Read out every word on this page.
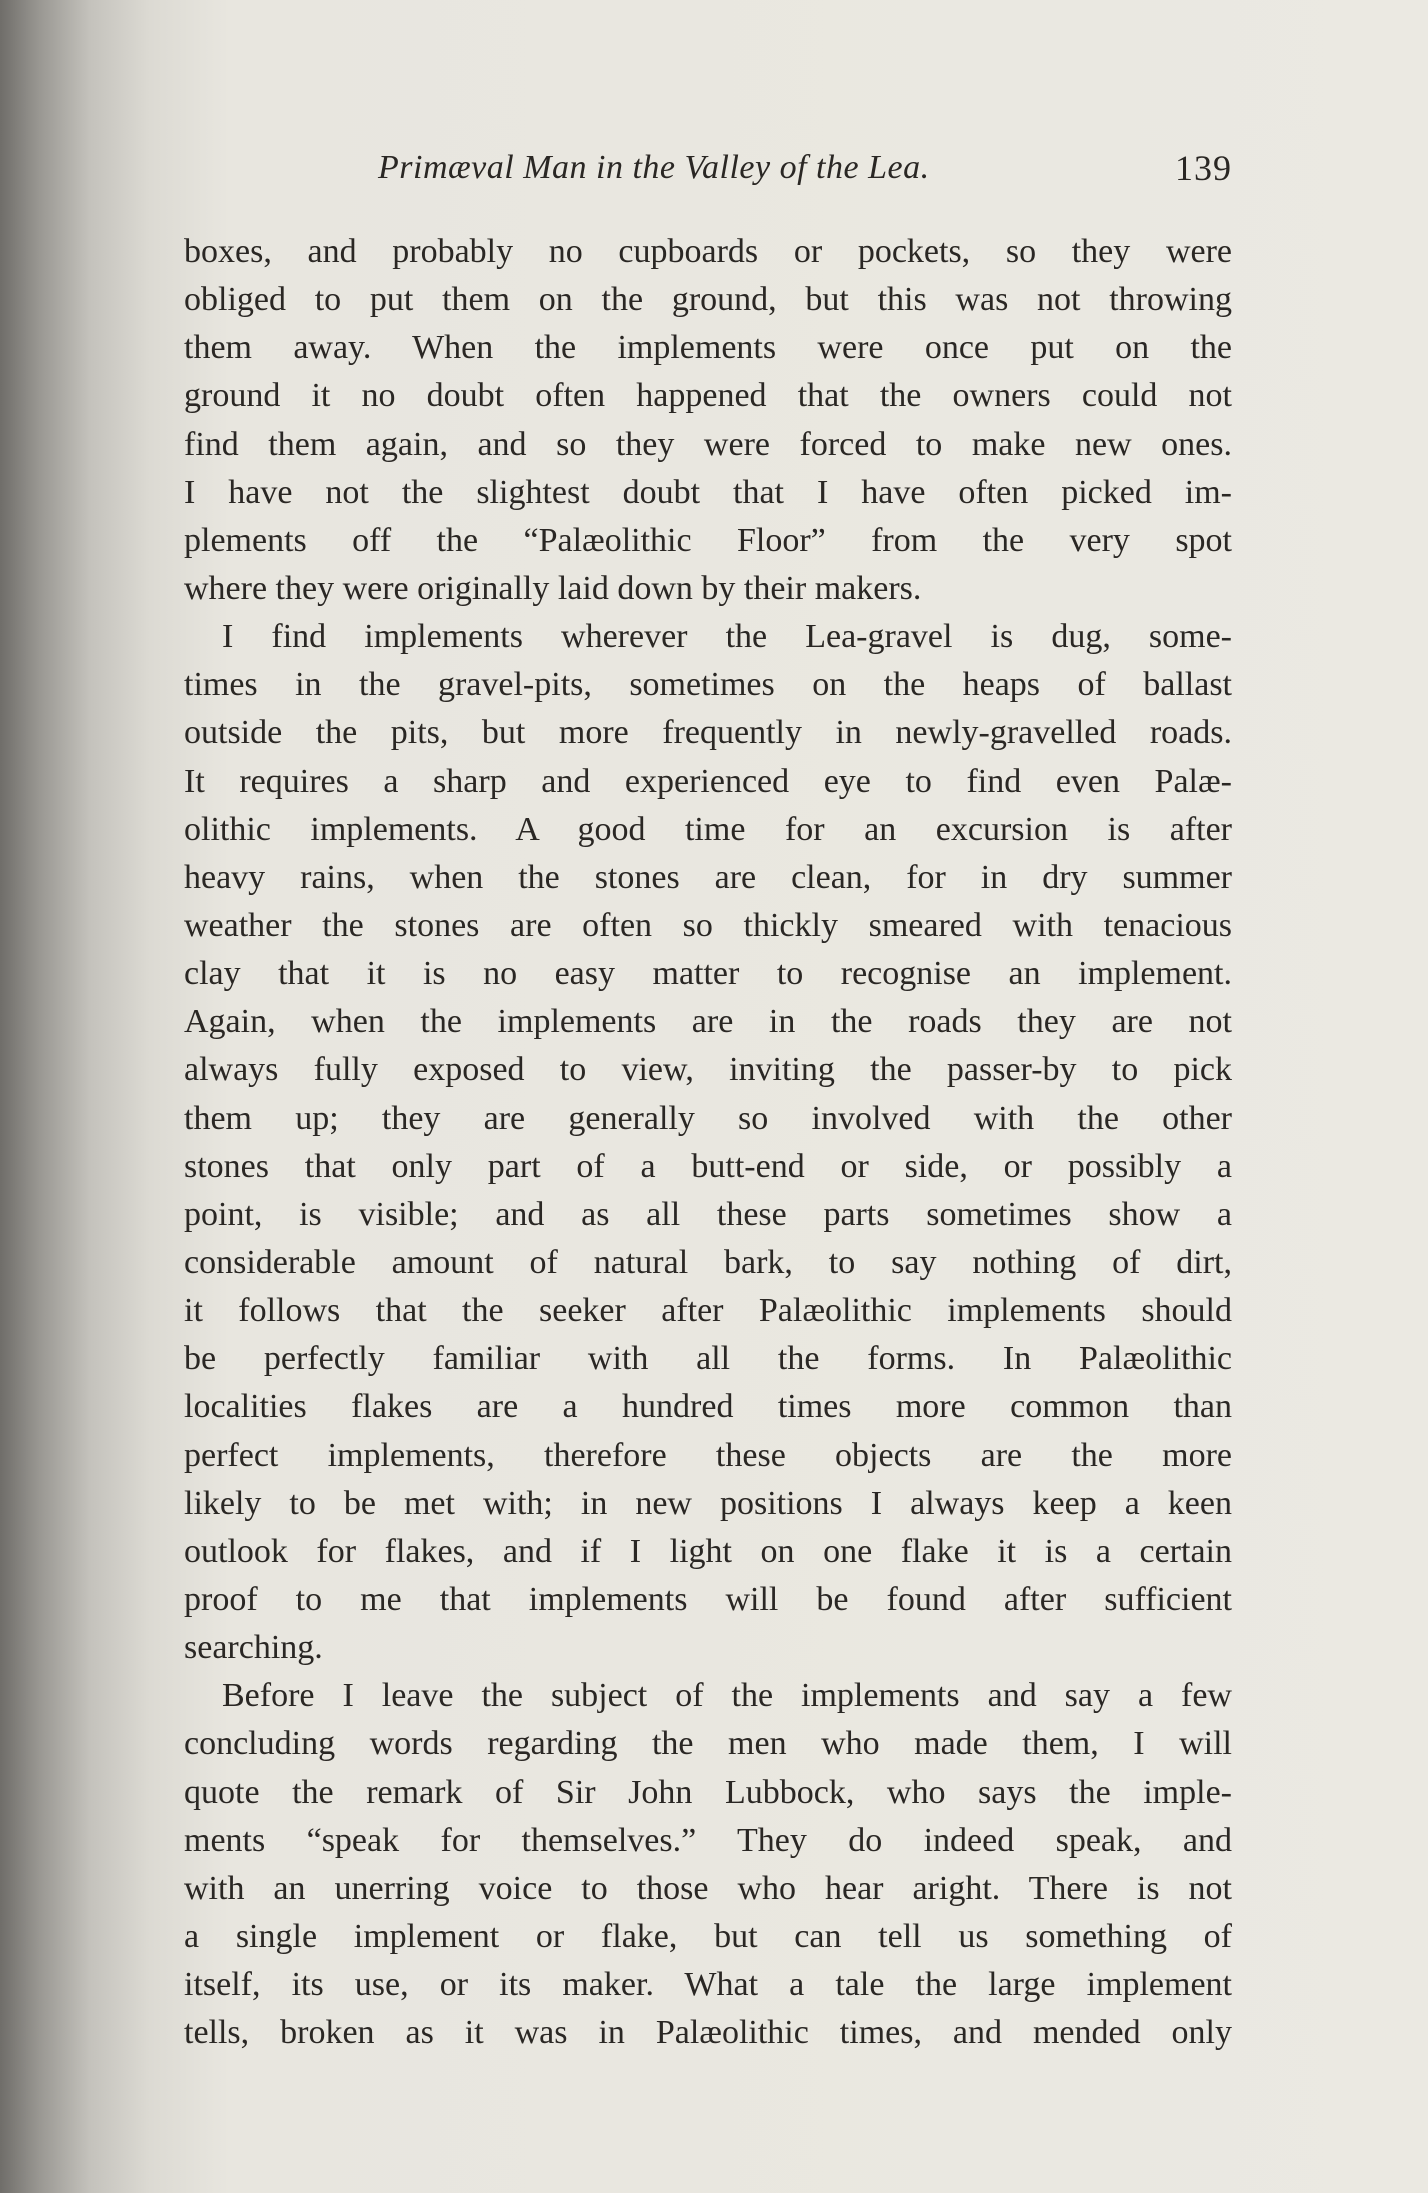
Primæval Man in the Valley of the Lea.	139
boxes, and probably no cupboards or pockets, so they were
obliged to put them on the ground, but this was not throwing
them away. When the implements were once put on the
ground it no doubt often happened that the owners could not
find them again, and so they were forced to make new ones.
I have not the slightest doubt that I have often picked im-
plements off the “Palæolithic Floor” from the very spot
where they were originally laid down by their makers.
I find implements wherever the Lea-gravel is dug, some-
times in the gravel-pits, sometimes on the heaps of ballast
outside the pits, but more frequently in newly-gravelled roads.
It requires a sharp and experienced eye to find even Palæ-
olithic implements. A good time for an excursion is after
heavy rains, when the stones are clean, for in dry summer
weather the stones are often so thickly smeared with tenacious
clay that it is no easy matter to recognise an implement.
Again, when the implements are in the roads they are not
always fully exposed to view, inviting the passer-by to pick
them up; they are generally so involved with the other
stones that only part of a butt-end or side, or possibly a
point, is visible; and as all these parts sometimes show a
considerable amount of natural bark, to say nothing of dirt,
it follows that the seeker after Palæolithic implements should
be perfectly familiar with all the forms. In Palæolithic
localities flakes are a hundred times more common than
perfect implements, therefore these objects are the more
likely to be met with; in new positions I always keep a keen
outlook for flakes, and if I light on one flake it is a certain
proof to me that implements will be found after sufficient
searching.
Before I leave the subject of the implements and say a few
concluding words regarding the men who made them, I will
quote the remark of Sir John Lubbock, who says the imple-
ments “speak for themselves.” They do indeed speak, and
with an unerring voice to those who hear aright. There is not
a single implement or flake, but can tell us something of
itself, its use, or its maker. What a tale the large implement
tells, broken as it was in Palæolithic times, and mended only
